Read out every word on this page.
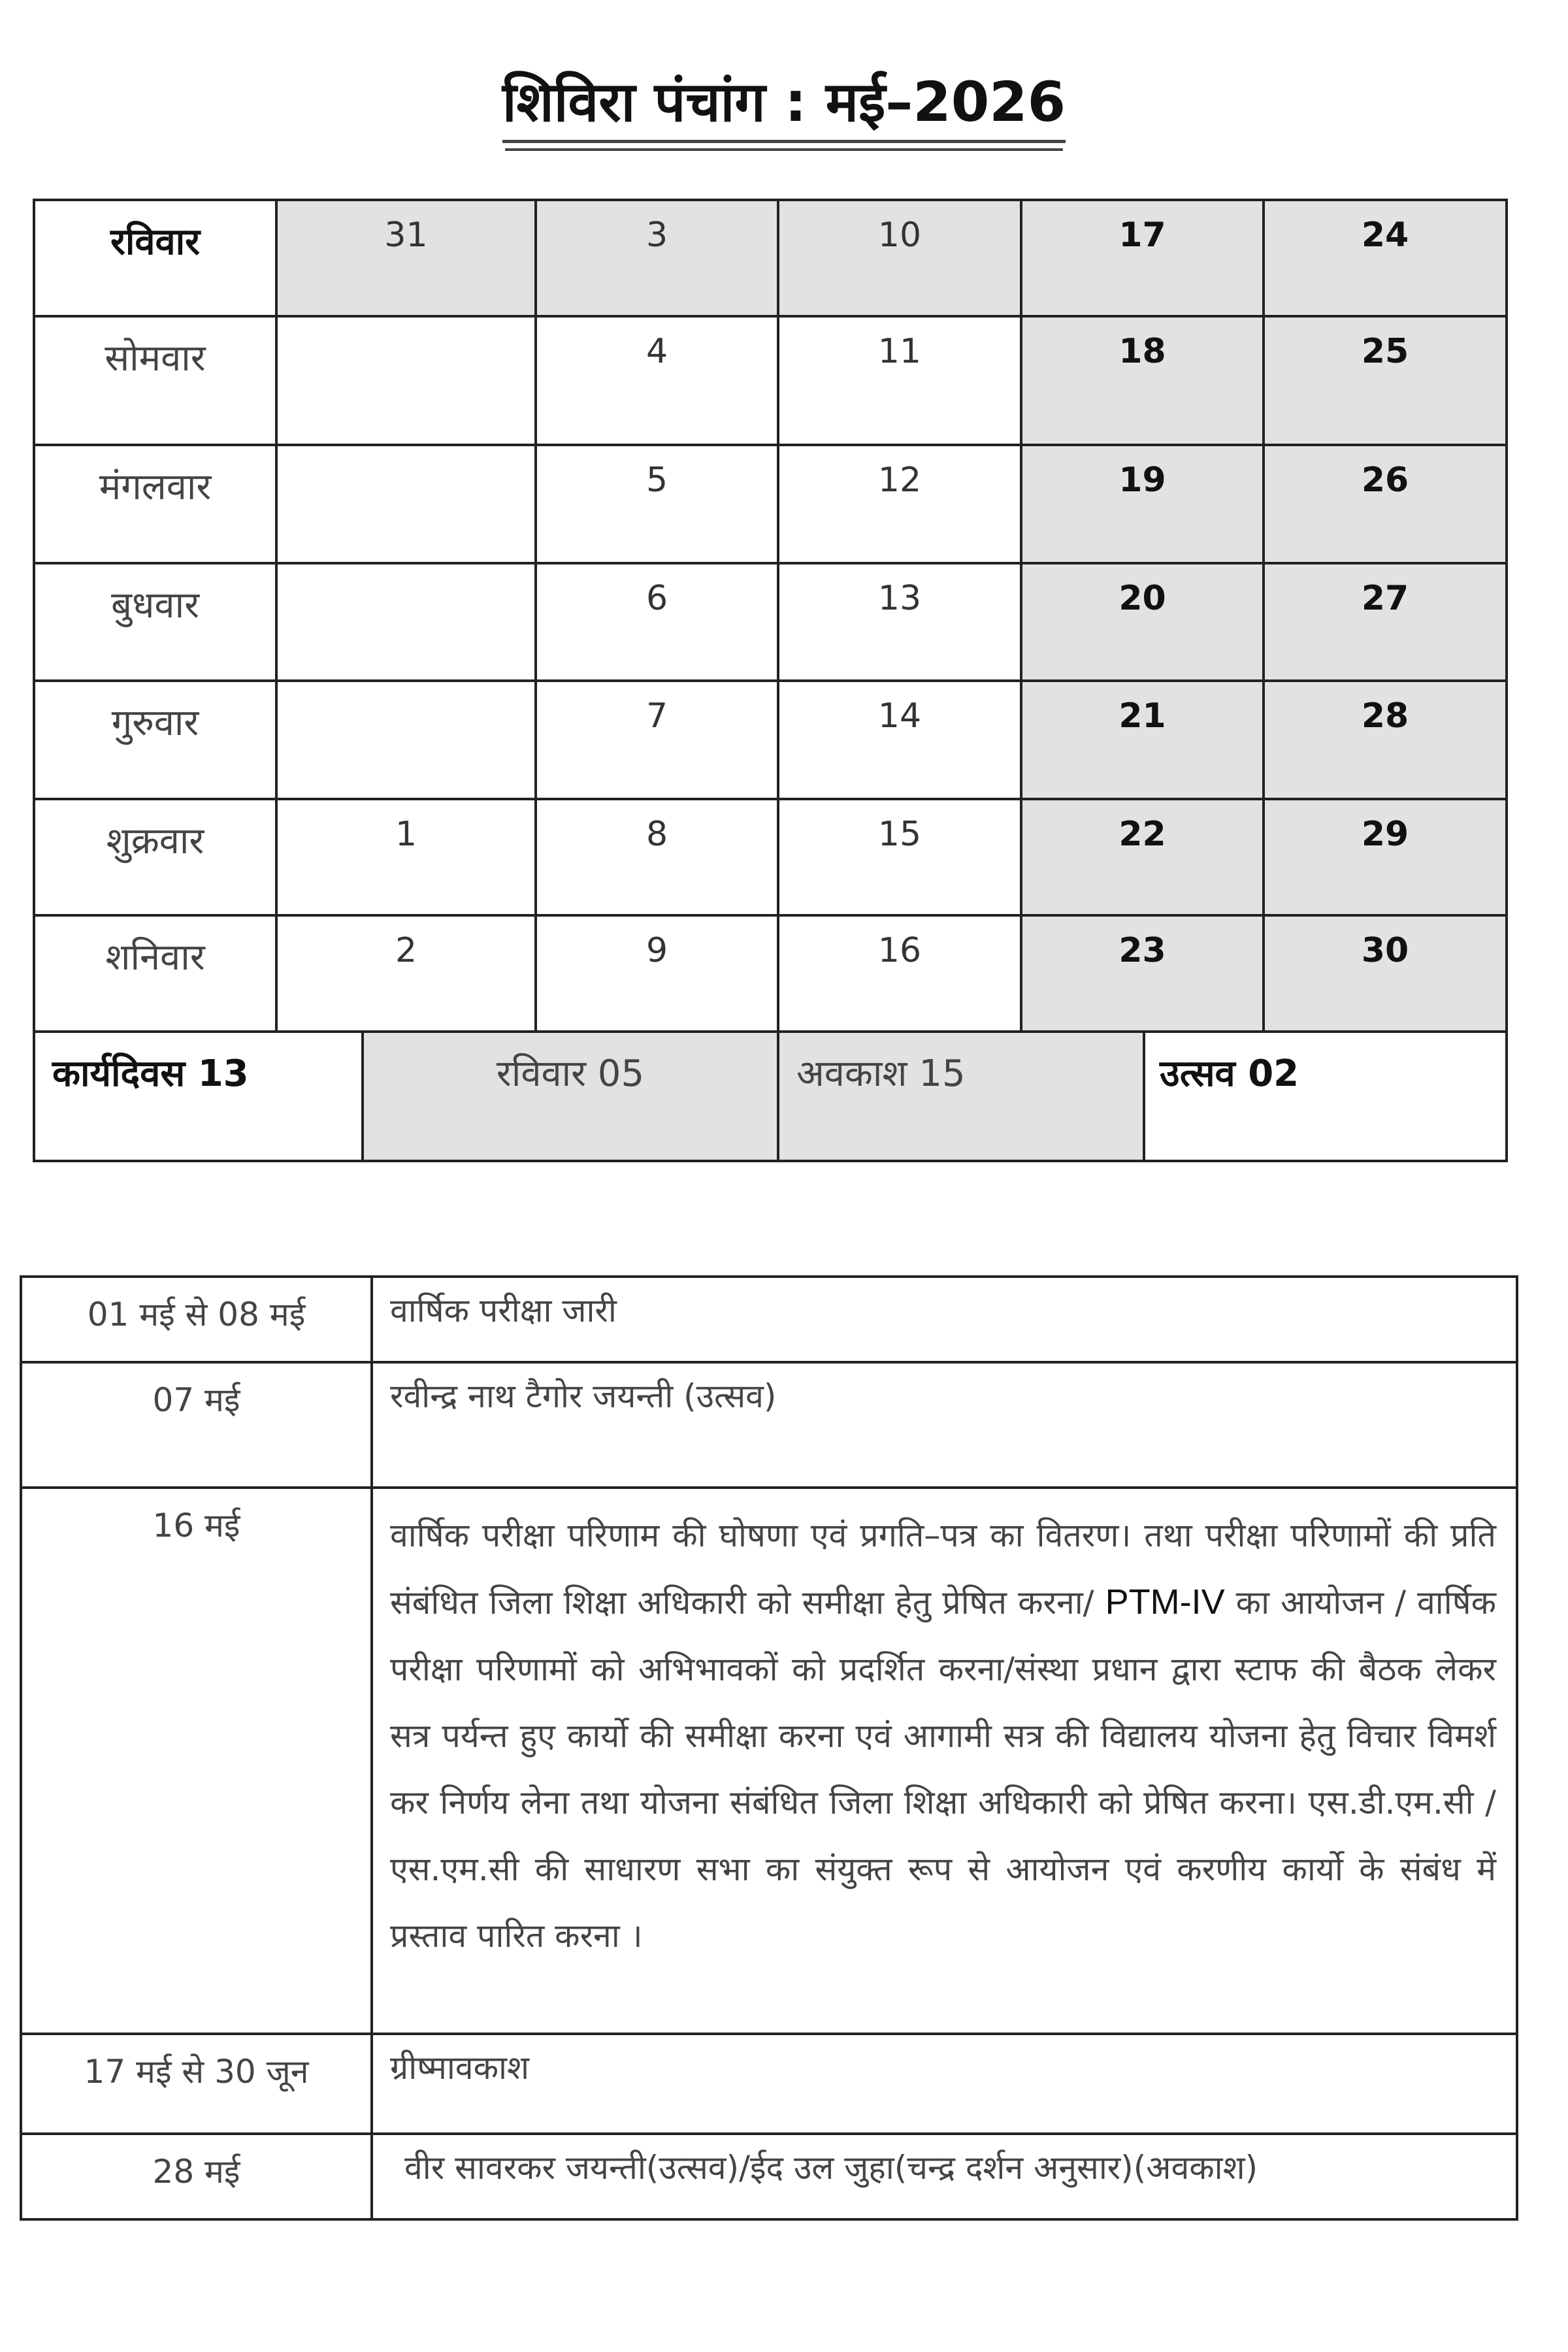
शिविरा पंचांग : मई–2026
रविवार	31	3	10	17	24
सोमवार		4	11	18	25
मंगलवार		5	12	19	26
बुधवार		6	13	20	27
गुरुवार		7	14	21	28
शुक्रवार	1	8	15	22	29
शनिवार	2	9	16	23	30
कार्यदिवस 13	रविवार 05	अवकाश 15	उत्सव 02
01 मई से 08 मई	वार्षिक परीक्षा जारी
07 मई	रवीन्द्र नाथ टैगोर जयन्ती (उत्सव)
16 मई	वार्षिक परीक्षा परिणाम की घोषणा एवं प्रगति–पत्र का वितरण। तथा परीक्षा परिणामों की प्रति संबंधित जिला शिक्षा अधिकारी को समीक्षा हेतु प्रेषित करना/ PTM-IV का आयोजन / वार्षिक परीक्षा परिणामों को अभिभावकों को प्रदर्शित करना/संस्था प्रधान द्वारा स्टाफ की बैठक लेकर सत्र पर्यन्त हुए कार्यो की समीक्षा करना एवं आगामी सत्र की विद्यालय योजना हेतु विचार विमर्श कर निर्णय लेना तथा योजना संबंधित जिला शिक्षा अधिकारी को प्रेषित करना। एस.डी.एम.सी /एस.एम.सी की साधारण सभा का संयुक्त रूप से आयोजन एवं करणीय कार्यो के संबंध में प्रस्ताव पारित करना ।
17 मई से 30 जून	ग्रीष्मावकाश
28 मई	वीर सावरकर जयन्ती(उत्सव)/ईद उल जुहा(चन्द्र दर्शन अनुसार)(अवकाश)
